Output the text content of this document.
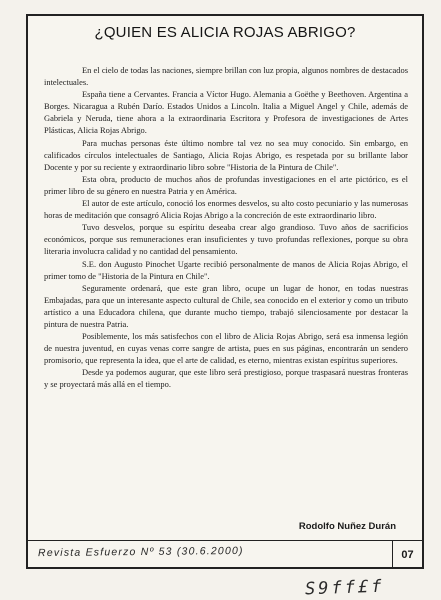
¿QUIEN ES ALICIA ROJAS ABRIGO?

En el cielo de todas las naciones, siempre brillan con luz propia, algunos nombres de destacados intelectuales.

España tiene a Cervantes. Francia a Víctor Hugo. Alemania a Goëthe y Beethoven. Argentina a Borges. Nicaragua a Rubén Darío. Estados Unidos a Lincoln. Italia a Miguel Angel y Chile, además de Gabriela y Neruda, tiene ahora a la extraordinaria Escritora y Profesora de investigaciones de Artes Plásticas, Alicia Rojas Abrigo.

Para muchas personas éste último nombre tal vez no sea muy conocido. Sin embargo, en calificados círculos intelectuales de Santiago, Alicia Rojas Abrigo, es respetada por su brillante labor Docente y por su reciente y extraordinario libro sobre "Historia de la Pintura de Chile".

Esta obra, producto de muchos años de profundas investigaciones en el arte pictórico, es el primer libro de su género en nuestra Patria y en América.

El autor de este artículo, conoció los enormes desvelos, su alto costo pecuniario y las numerosas horas de meditación que consagró Alicia Rojas Abrigo a la concreción de este extraordinario libro.

Tuvo desvelos, porque su espíritu deseaba crear algo grandioso. Tuvo años de sacrificios económicos, porque sus remuneraciones eran insuficientes y tuvo profundas reflexiones, porque su obra literaria involucra calidad y no cantidad del pensamiento.

S.E. don Augusto Pinochet Ugarte recibió personalmente de manos de Alicia Rojas Abrigo, el primer tomo de "Historia de la Pintura en Chile".

Seguramente ordenará, que este gran libro, ocupe un lugar de honor, en todas nuestras Embajadas, para que un interesante aspecto cultural de Chile, sea conocido en el exterior y como un tributo artístico a una Educadora chilena, que durante mucho tiempo, trabajó silenciosamente por destacar la pintura de nuestra Patria.

Posiblemente, los más satisfechos con el libro de Alicia Rojas Abrigo, será esa inmensa legión de nuestra juventud, en cuyas venas corre sangre de artista, pues en sus páginas, encontrarán un sendero promisorio, que representa la idea, que el arte de calidad, es eterno, mientras existan espíritus superiores.

Desde ya podemos augurar, que este libro será prestigioso, porque traspasará nuestras fronteras y se proyectará más allá en el tiempo.

Rodolfo Nuñez Durán
Revista Esfuerzo Nº 53 (30.6.2000)	07
S9ff£f
